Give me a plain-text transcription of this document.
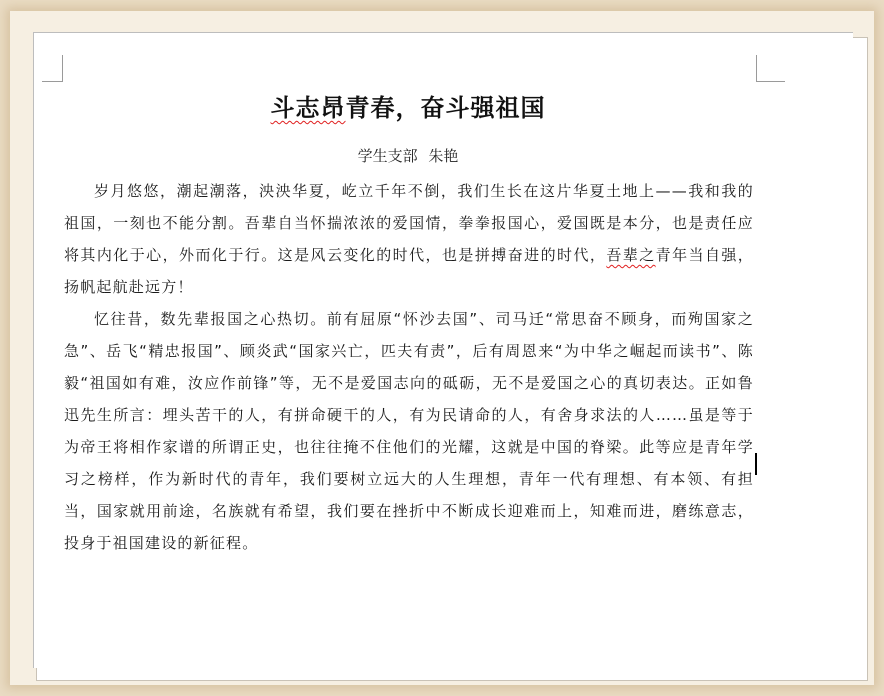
斗志昂青春，奋斗强祖国
学生支部 朱艳

岁月悠悠，潮起潮落，泱泱华夏，屹立千年不倒，我们生长在这片华夏土地上——我和我的祖国，一刻也不能分割。吾辈自当怀揣浓浓的爱国情，拳拳报国心，爱国既是本分，也是责任应将其内化于心，外而化于行。这是风云变化的时代，也是拼搏奋进的时代，吾辈之青年当自强，扬帆起航赴远方！

忆往昔，数先辈报国之心热切。前有屈原“怀沙去国”、司马迁“常思奋不顾身，而殉国家之急”、岳飞“精忠报国”、顾炎武“国家兴亡，匹夫有责”，后有周恩来“为中华之崛起而读书”、陈毅“祖国如有难，汝应作前锋”等，无不是爱国志向的砥砺，无不是爱国之心的真切表达。正如鲁迅先生所言：埋头苦干的人，有拼命硬干的人，有为民请命的人，有舍身求法的人……虽是等于为帝王将相作家谱的所谓正史，也往往掩不住他们的光耀，这就是中国的脊梁。此等应是青年学习之榜样，作为新时代的青年，我们要树立远大的人生理想，青年一代有理想、有本领、有担当，国家就用前途，名族就有希望，我们要在挫折中不断成长迎难而上，知难而进，磨练意志，投身于祖国建设的新征程。
